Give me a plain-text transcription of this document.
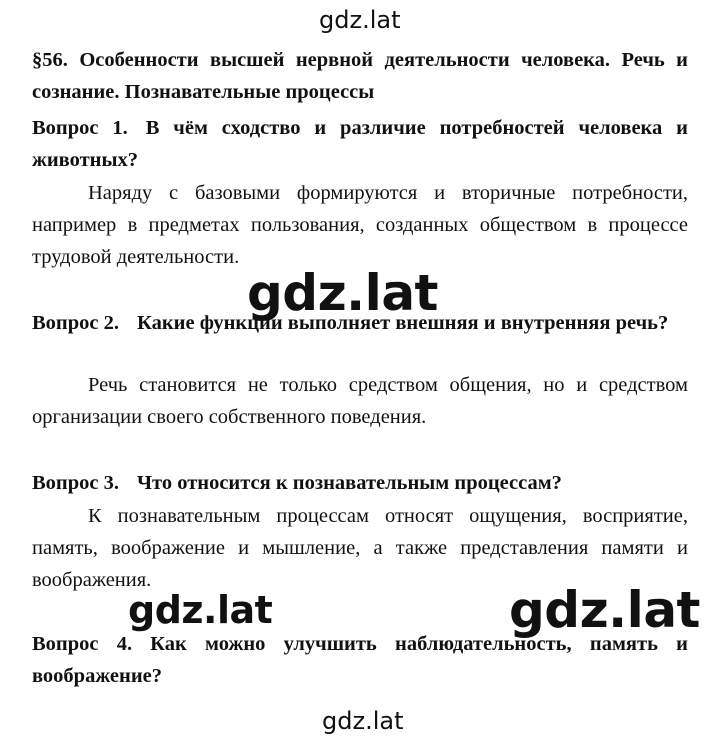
gdz.lat
gdz.lat
gdz.lat	gdz.lat
gdz.lat
§56. Особенности высшей нервной деятельности человека. Речь и сознание. Познавательные процессы
Вопрос 1. В чём сходство и различие потребностей человека и животных?
Наряду с базовыми формируются и вторичные потребности, например в предметах пользования, созданных обществом в процессе трудовой деятельности.
Вопрос 2. Какие функции выполняет внешняя и внутренняя речь?
Речь становится не только средством общения, но и средством организации своего собственного поведения.
Вопрос 3. Что относится к познавательным процессам?
К познавательным процессам относят ощущения, восприятие, память, воображение и мышление, а также представления памяти и воображения.
Вопрос 4. Как можно улучшить наблюдательность, память и воображение?
